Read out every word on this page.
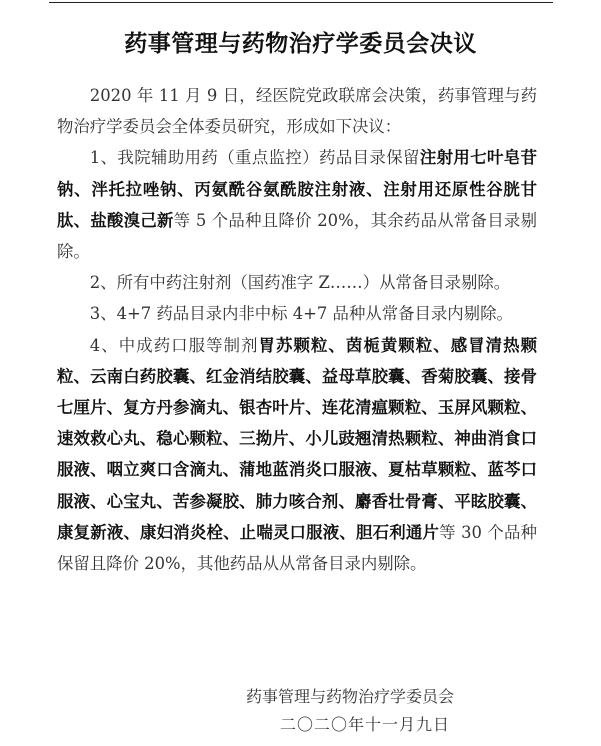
药事管理与药物治疗学委员会决议

2020 年 11 月 9 日，经医院党政联席会决策，药事管理与药物治疗学委员会全体委员研究，形成如下决议：

1、我院辅助用药（重点监控）药品目录保留注射用七叶皂苷钠、泮托拉唑钠、丙氨酰谷氨酰胺注射液、注射用还原性谷胱甘肽、盐酸溴己新等 5 个品种且降价 20%，其余药品从常备目录剔除。

2、所有中药注射剂（国药准字 Z……）从常备目录剔除。

3、4+7 药品目录内非中标 4+7 品种从常备目录内剔除。

4、中成药口服等制剂胃苏颗粒、茵栀黄颗粒、感冒清热颗粒、云南白药胶囊、红金消结胶囊、益母草胶囊、香菊胶囊、接骨七厘片、复方丹参滴丸、银杏叶片、连花清瘟颗粒、玉屏风颗粒、速效救心丸、稳心颗粒、三拗片、小儿豉翘清热颗粒、神曲消食口服液、咽立爽口含滴丸、蒲地蓝消炎口服液、夏枯草颗粒、蓝芩口服液、心宝丸、苦参凝胶、肺力咳合剂、麝香壮骨膏、平眩胶囊、康复新液、康妇消炎栓、止喘灵口服液、胆石利通片等 30 个品种保留且降价 20%，其他药品从从常备目录内剔除。

药事管理与药物治疗学委员会
二〇二〇年十一月九日
